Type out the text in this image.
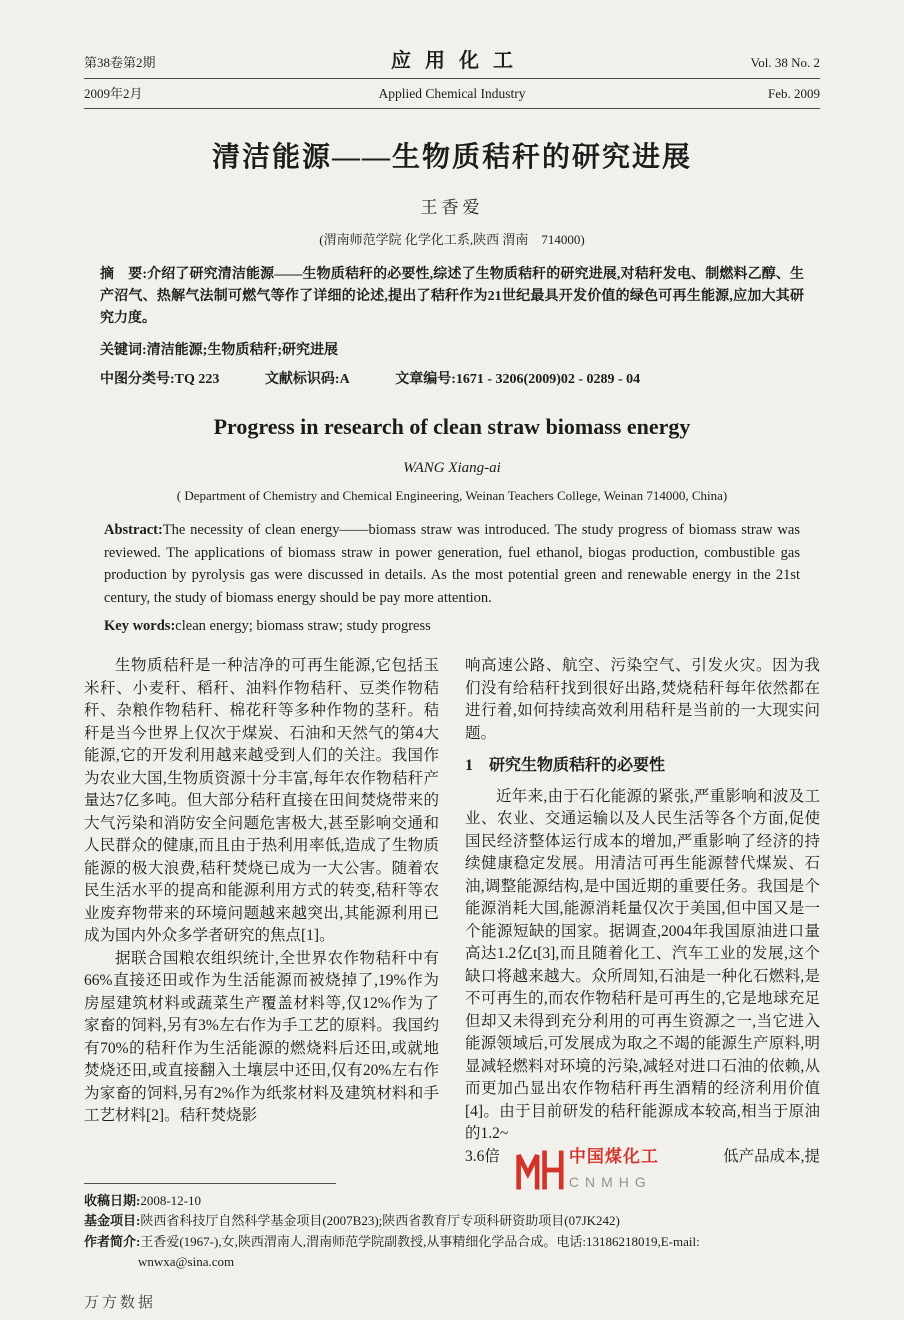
第38卷第2期	应用化工	Vol. 38 No. 2
2009年2月	Applied Chemical Industry	Feb. 2009
清洁能源——生物质秸秆的研究进展
王香爱
(渭南师范学院 化学化工系,陕西 渭南　714000)
摘　要:介绍了研究清洁能源——生物质秸秆的必要性,综述了生物质秸秆的研究进展,对秸秆发电、制燃料乙醇、生产沼气、热解气法制可燃气等作了详细的论述,提出了秸秆作为21世纪最具开发价值的绿色可再生能源,应加大其研究力度。
关键词:清洁能源;生物质秸秆;研究进展
中图分类号:TQ 223	文献标识码:A	文章编号:1671 - 3206(2009)02 - 0289 - 04
Progress in research of clean straw biomass energy
WANG Xiang-ai
( Department of Chemistry and Chemical Engineering, Weinan Teachers College, Weinan 714000, China)
Abstract:The necessity of clean energy——biomass straw was introduced. The study progress of biomass straw was reviewed. The applications of biomass straw in power generation, fuel ethanol, biogas production, combustible gas production by pyrolysis gas were discussed in details. As the most potential green and renewable energy in the 21st century, the study of biomass energy should be pay more attention.
Key words:clean energy; biomass straw; study progress

生物质秸秆是一种洁净的可再生能源,它包括玉米秆、小麦秆、稻秆、油料作物秸秆、豆类作物秸秆、杂粮作物秸秆、棉花秆等多种作物的茎秆。秸秆是当今世界上仅次于煤炭、石油和天然气的第4大能源,它的开发利用越来越受到人们的关注。我国作为农业大国,生物质资源十分丰富,每年农作物秸秆产量达7亿多吨。但大部分秸秆直接在田间焚烧带来的大气污染和消防安全问题危害极大,甚至影响交通和人民群众的健康,而且由于热利用率低,造成了生物质能源的极大浪费,秸秆焚烧已成为一大公害。随着农民生活水平的提高和能源利用方式的转变,秸秆等农业废弃物带来的环境问题越来越突出,其能源利用已成为国内外众多学者研究的焦点[1]。

据联合国粮农组织统计,全世界农作物秸秆中有66%直接还田或作为生活能源而被烧掉了,19%作为房屋建筑材料或蔬菜生产覆盖材料等,仅12%作为了家畜的饲料,另有3%左右作为手工艺的原料。我国约有70%的秸秆作为生活能源的燃烧料后还田,或就地焚烧还田,或直接翻入土壤层中还田,仅有20%左右作为家畜的饲料,另有2%作为纸浆材料及建筑材料和手工艺材料[2]。秸秆焚烧影

响高速公路、航空、污染空气、引发火灾。因为我们没有给秸秆找到很好出路,焚烧秸秆每年依然都在进行着,如何持续高效利用秸秆是当前的一大现实问题。

1　研究生物质秸秆的必要性

近年来,由于石化能源的紧张,严重影响和波及工业、农业、交通运输以及人民生活等各个方面,促使国民经济整体运行成本的增加,严重影响了经济的持续健康稳定发展。用清洁可再生能源替代煤炭、石油,调整能源结构,是中国近期的重要任务。我国是个能源消耗大国,能源消耗量仅次于美国,但中国又是一个能源短缺的国家。据调查,2004年我国原油进口量高达1.2亿t[3],而且随着化工、汽车工业的发展,这个缺口将越来越大。众所周知,石油是一种化石燃料,是不可再生的,而农作物秸秆是可再生的,它是地球充足但却又未得到充分利用的可再生资源之一,当它进入能源领域后,可发展成为取之不竭的能源生产原料,明显减轻燃料对环境的污染,减轻对进口石油的依赖,从而更加凸显出农作物秸秆再生酒精的经济利用价值[4]。由于目前研发的秸秆能源成本较高,相当于原油的1.2~

3.6倍	中国煤化工
CNMHG
低产品成本,提

收稿日期:2008-12-10

基金项目:陕西省科技厅自然科学基金项目(2007B23);陕西省教育厅专项科研资助项目(07JK242)

作者简介:王香爱(1967-),女,陕西渭南人,渭南师范学院副教授,从事精细化学品合成。电话:13186218019,E-mail:

wnwxa@sina.com

万方数据
